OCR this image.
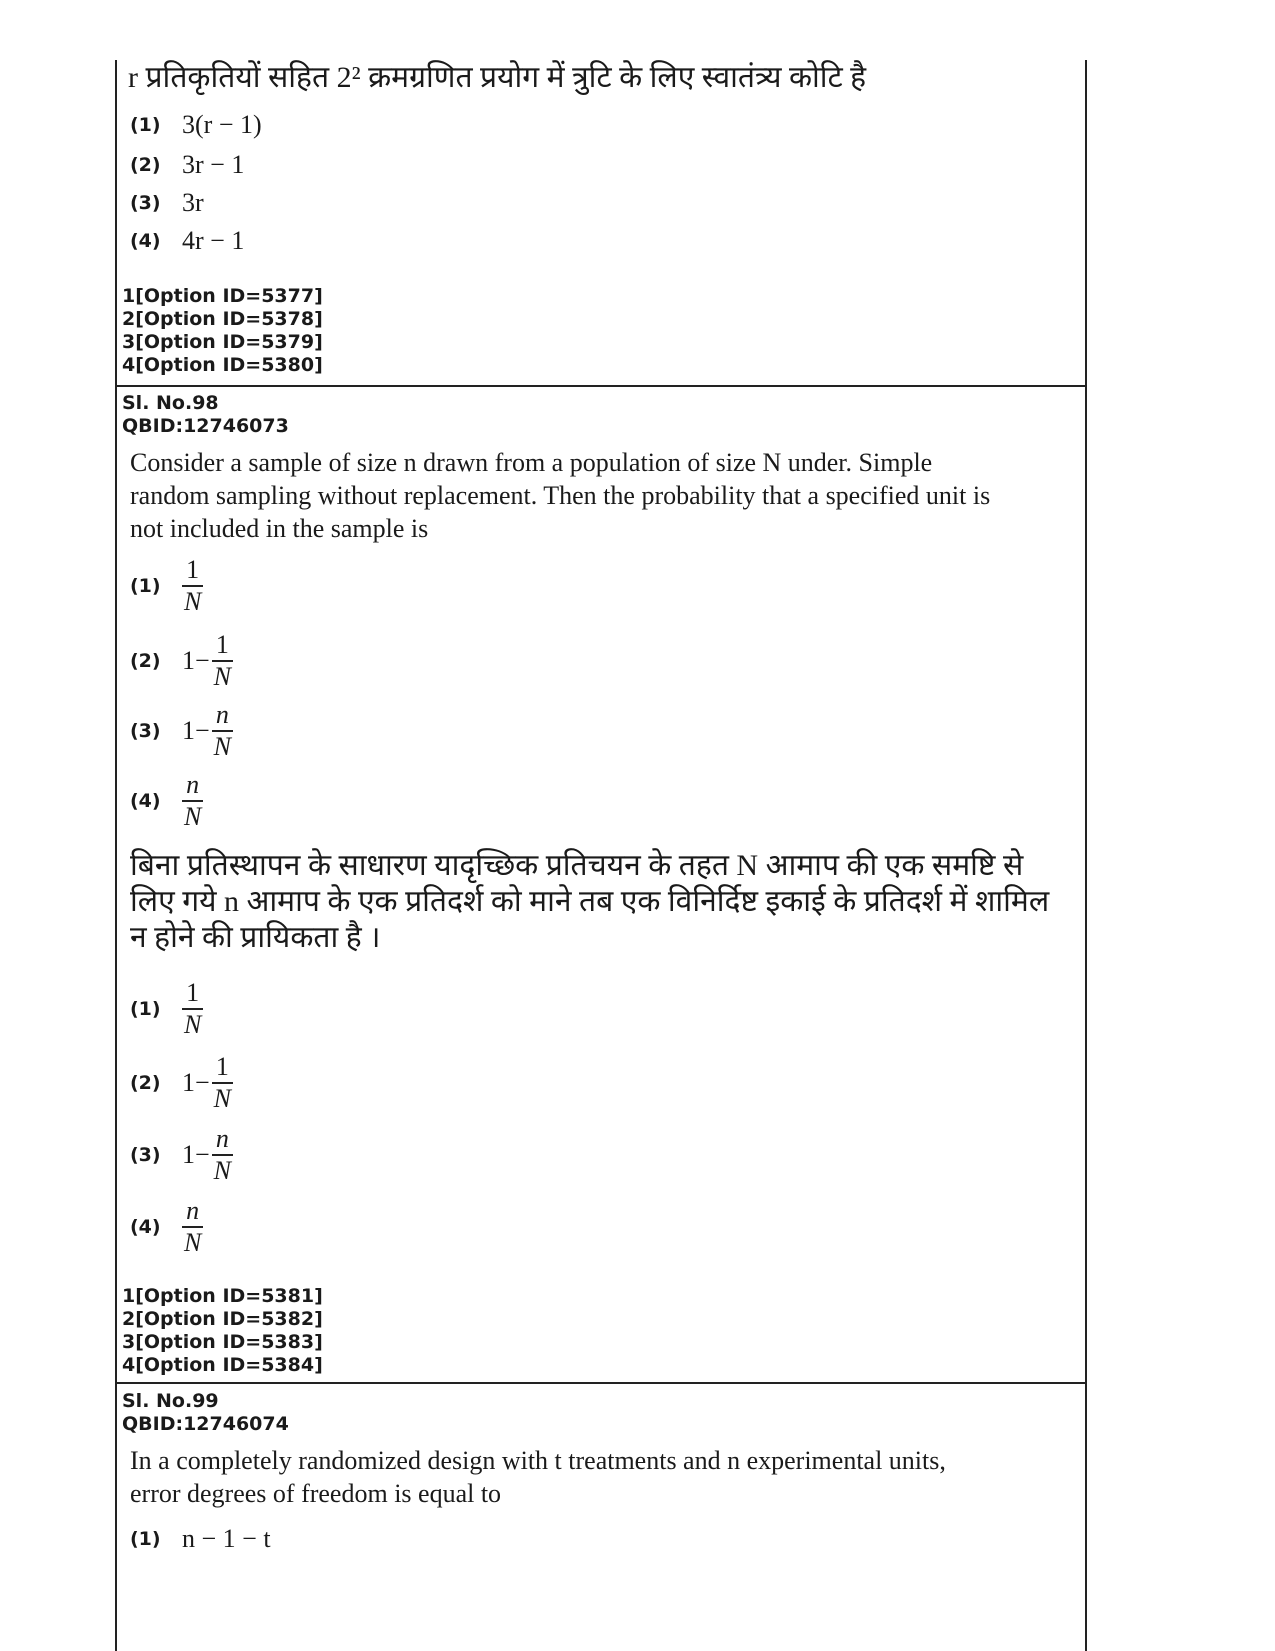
r प्रतिकृतियों सहित 2² क्रमग्रणित प्रयोग में त्रुटि के लिए स्वातंत्र्य कोटि है
(1) 3(r − 1)
(2) 3r − 1
(3) 3r
(4) 4r − 1
1[Option ID=5377]
2[Option ID=5378]
3[Option ID=5379]
4[Option ID=5380]
Sl. No.98
QBID:12746073
Consider a sample of size n drawn from a population of size N under. Simple
random sampling without replacement. Then the probability that a specified unit is
not included in the sample is
$(1) \frac{1}{N}$
(2) $1- \frac{1}{N}$
(3) $1- \frac{n}{N}$
$(4) \frac{n}{N}$
बिना प्रतिस्थापन के साधारण यादृच्छिक प्रतिचयन के तहत N आमाप की एक समष्टि से
लिए गये n आमाप के एक प्रतिदर्श को माने तब एक विनिर्दिष्ट इकाई के प्रतिदर्श में शामिल
न होने की प्रायिकता है ।
$(1) \frac{1}{N}$
(2) $1- \frac{1}{N}$
(3) $1- \frac{n}{N}$
$(4) \frac{n}{N}$
1[Option ID=5381]
2[Option ID=5382]
3[Option ID=5383]
4[Option ID=5384]
Sl. No.99
QBID:12746074
In a completely randomized design with t treatments and n experimental units,
error degrees of freedom is equal to
(1) n − 1 − t
